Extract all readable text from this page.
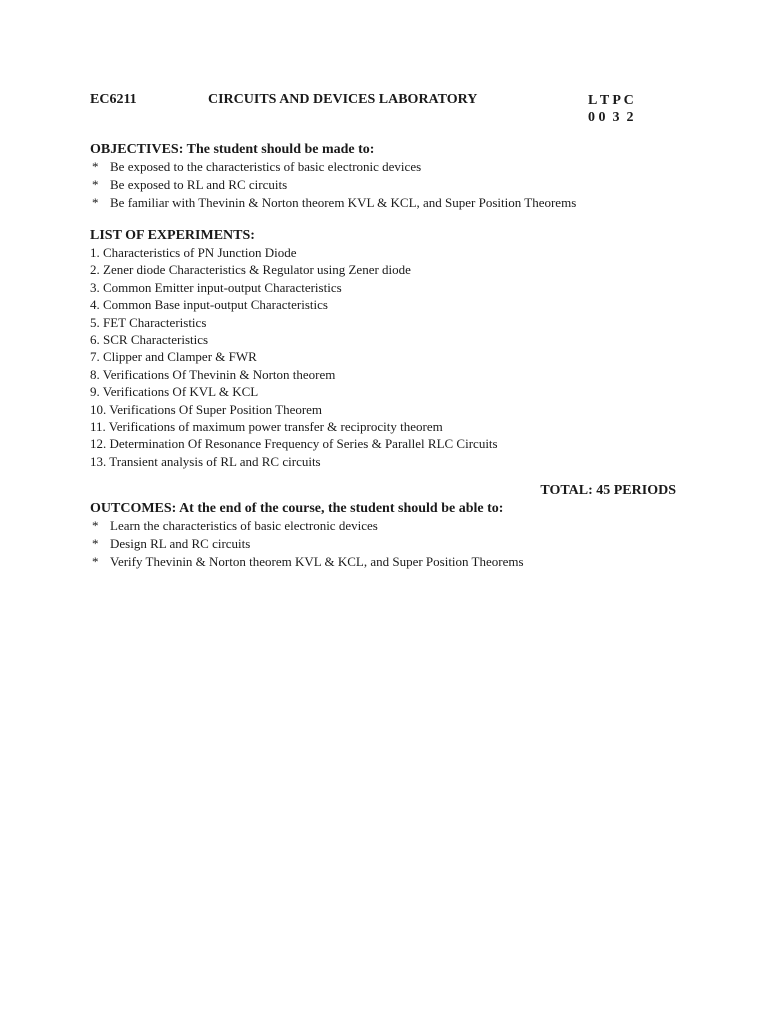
EC6211	CIRCUITS AND DEVICES LABORATORY	L T P C
0 0  3  2
OBJECTIVES: The student should be made to:
* Be exposed to the characteristics of basic electronic devices
* Be exposed to RL and RC circuits
* Be familiar with Thevinin & Norton theorem KVL & KCL, and Super Position Theorems
LIST OF EXPERIMENTS:
1. Characteristics of PN Junction Diode
2. Zener diode Characteristics & Regulator using Zener diode
3. Common Emitter input-output Characteristics
4. Common Base input-output Characteristics
5. FET Characteristics
6. SCR Characteristics
7. Clipper and Clamper & FWR
8. Verifications Of Thevinin & Norton theorem
9. Verifications Of KVL & KCL
10. Verifications Of Super Position Theorem
11. Verifications of maximum power transfer & reciprocity theorem
12. Determination Of Resonance Frequency of Series & Parallel RLC Circuits
13. Transient analysis of RL and RC circuits
TOTAL: 45 PERIODS
OUTCOMES: At the end of the course, the student should be able to:
* Learn the characteristics of basic electronic devices
* Design RL and RC circuits
* Verify Thevinin & Norton theorem KVL & KCL, and Super Position Theorems
